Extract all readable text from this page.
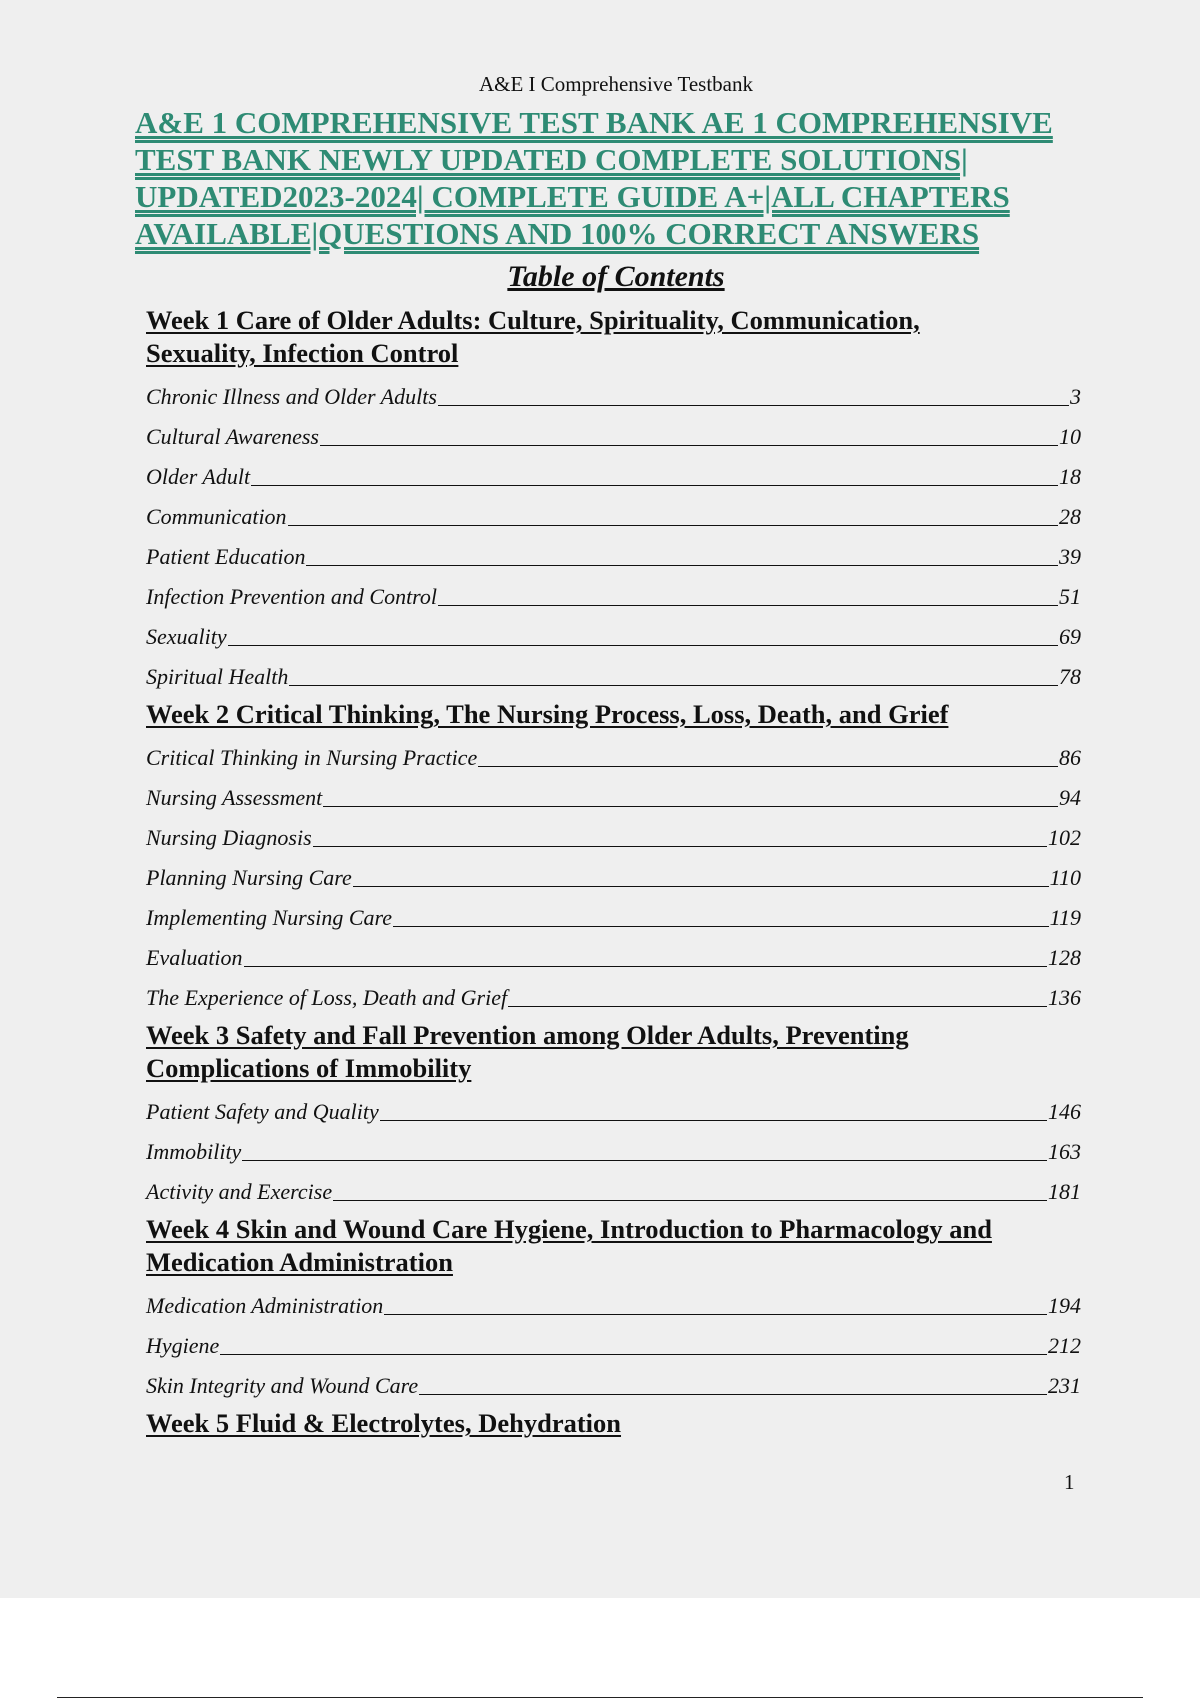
A&E I Comprehensive Testbank
A&E 1 COMPREHENSIVE TEST BANK AE 1 COMPREHENSIVE
TEST BANK NEWLY UPDATED COMPLETE SOLUTIONS|
UPDATED2023-2024| COMPLETE GUIDE A+|ALL CHAPTERS
AVAILABLE|QUESTIONS AND 100% CORRECT ANSWERS
Table of Contents
Week 1 Care of Older Adults: Culture, Spirituality, Communication,
Sexuality, Infection Control
Chronic Illness and Older Adults	3
Cultural Awareness	10
Older Adult	18
Communication	28
Patient Education	39
Infection Prevention and Control	51
Sexuality	69
Spiritual Health	78
Week 2 Critical Thinking, The Nursing Process, Loss, Death, and Grief
Critical Thinking in Nursing Practice	86
Nursing Assessment	94
Nursing Diagnosis	102
Planning Nursing Care	110
Implementing Nursing Care	119
Evaluation	128
The Experience of Loss, Death and Grief	136
Week 3 Safety and Fall Prevention among Older Adults, Preventing
Complications of Immobility
Patient Safety and Quality	146
Immobility	163
Activity and Exercise	181
Week 4 Skin and Wound Care Hygiene, Introduction to Pharmacology and
Medication Administration
Medication Administration	194
Hygiene	212
Skin Integrity and Wound Care	231
Week 5 Fluid & Electrolytes, Dehydration
1
